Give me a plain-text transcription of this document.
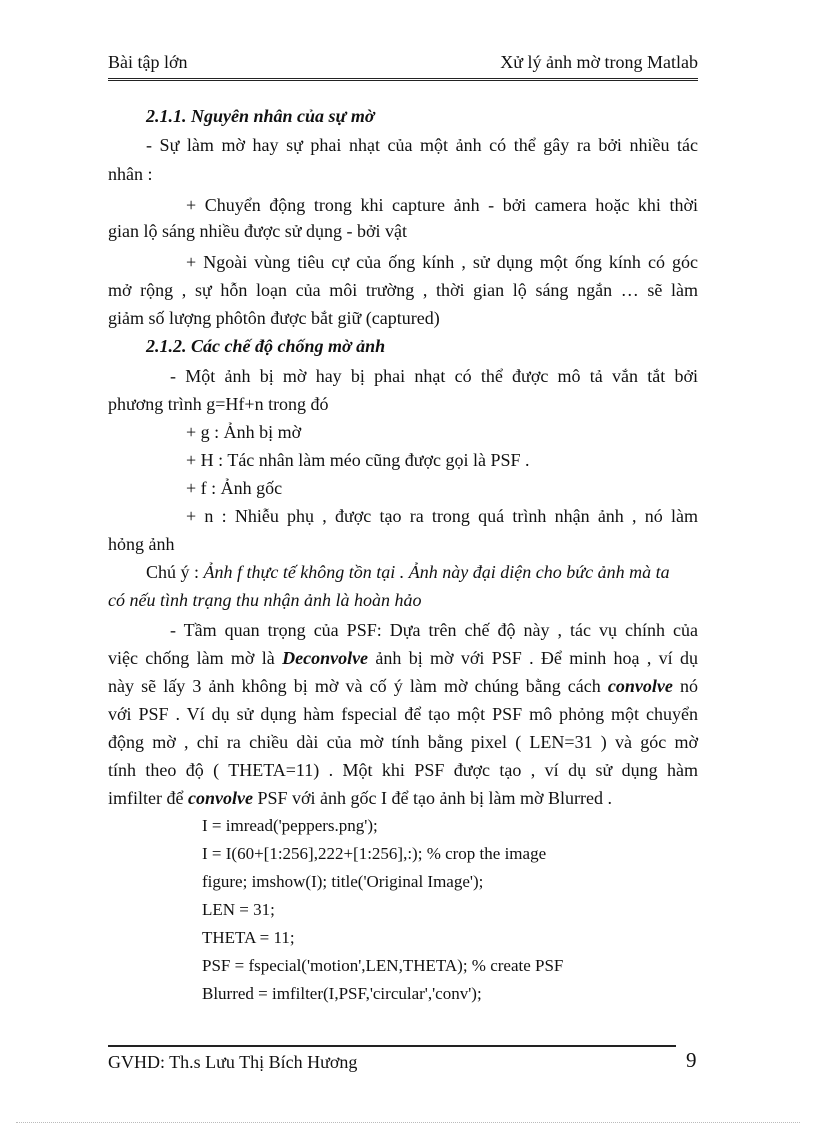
Bài tập lớn	Xử lý ảnh mờ trong Matlab
2.1.1. Nguyên nhân của sự mờ
- Sự làm mờ hay sự phai nhạt của một ảnh có thể gây ra bởi nhiều tác
nhân :
+ Chuyển động trong khi capture ảnh - bởi camera hoặc khi thời
gian lộ sáng nhiều được sử dụng - bởi vật
+ Ngoài vùng tiêu cự của ống kính , sử dụng một ống kính có góc
mở rộng , sự hỗn loạn của môi trường , thời gian lộ sáng ngắn … sẽ làm
giảm số lượng phôtôn được bắt giữ (captured)
2.1.2. Các chế độ chống mờ ảnh
- Một ảnh bị mờ hay bị phai nhạt có thể được mô tả vắn tắt bởi
phương trình g=Hf+n trong đó
+ g : Ảnh bị mờ
+ H : Tác nhân làm méo cũng được gọi là PSF .
+ f : Ảnh gốc
+ n : Nhiễu phụ , được tạo ra trong quá trình nhận ảnh , nó làm
hỏng ảnh
Chú ý : Ảnh f thực tế không tồn tại . Ảnh này đại diện cho bức ảnh mà ta
có nếu tình trạng thu nhận ảnh là hoàn hảo
- Tầm quan trọng của PSF: Dựa trên chế độ này , tác vụ chính của
việc chống làm mờ là Deconvolve ảnh bị mờ với PSF . Để minh hoạ , ví dụ
này sẽ lấy 3 ảnh không bị mờ và cố ý làm mờ chúng bằng cách convolve nó
với PSF . Ví dụ sử dụng hàm fspecial để tạo một PSF mô phỏng một chuyển
động mờ , chỉ ra chiều dài của mờ tính bằng pixel ( LEN=31 ) và góc mờ
tính theo độ ( THETA=11) . Một khi PSF được tạo , ví dụ sử dụng hàm
imfilter để convolve PSF với ảnh gốc I để tạo ảnh bị làm mờ Blurred .
I = imread('peppers.png');
I = I(60+[1:256],222+[1:256],:); % crop the image
figure; imshow(I); title('Original Image');
LEN = 31;
THETA = 11;
PSF = fspecial('motion',LEN,THETA); % create PSF
Blurred = imfilter(I,PSF,'circular','conv');
GVHD: Th.s Lưu Thị Bích Hương	9
